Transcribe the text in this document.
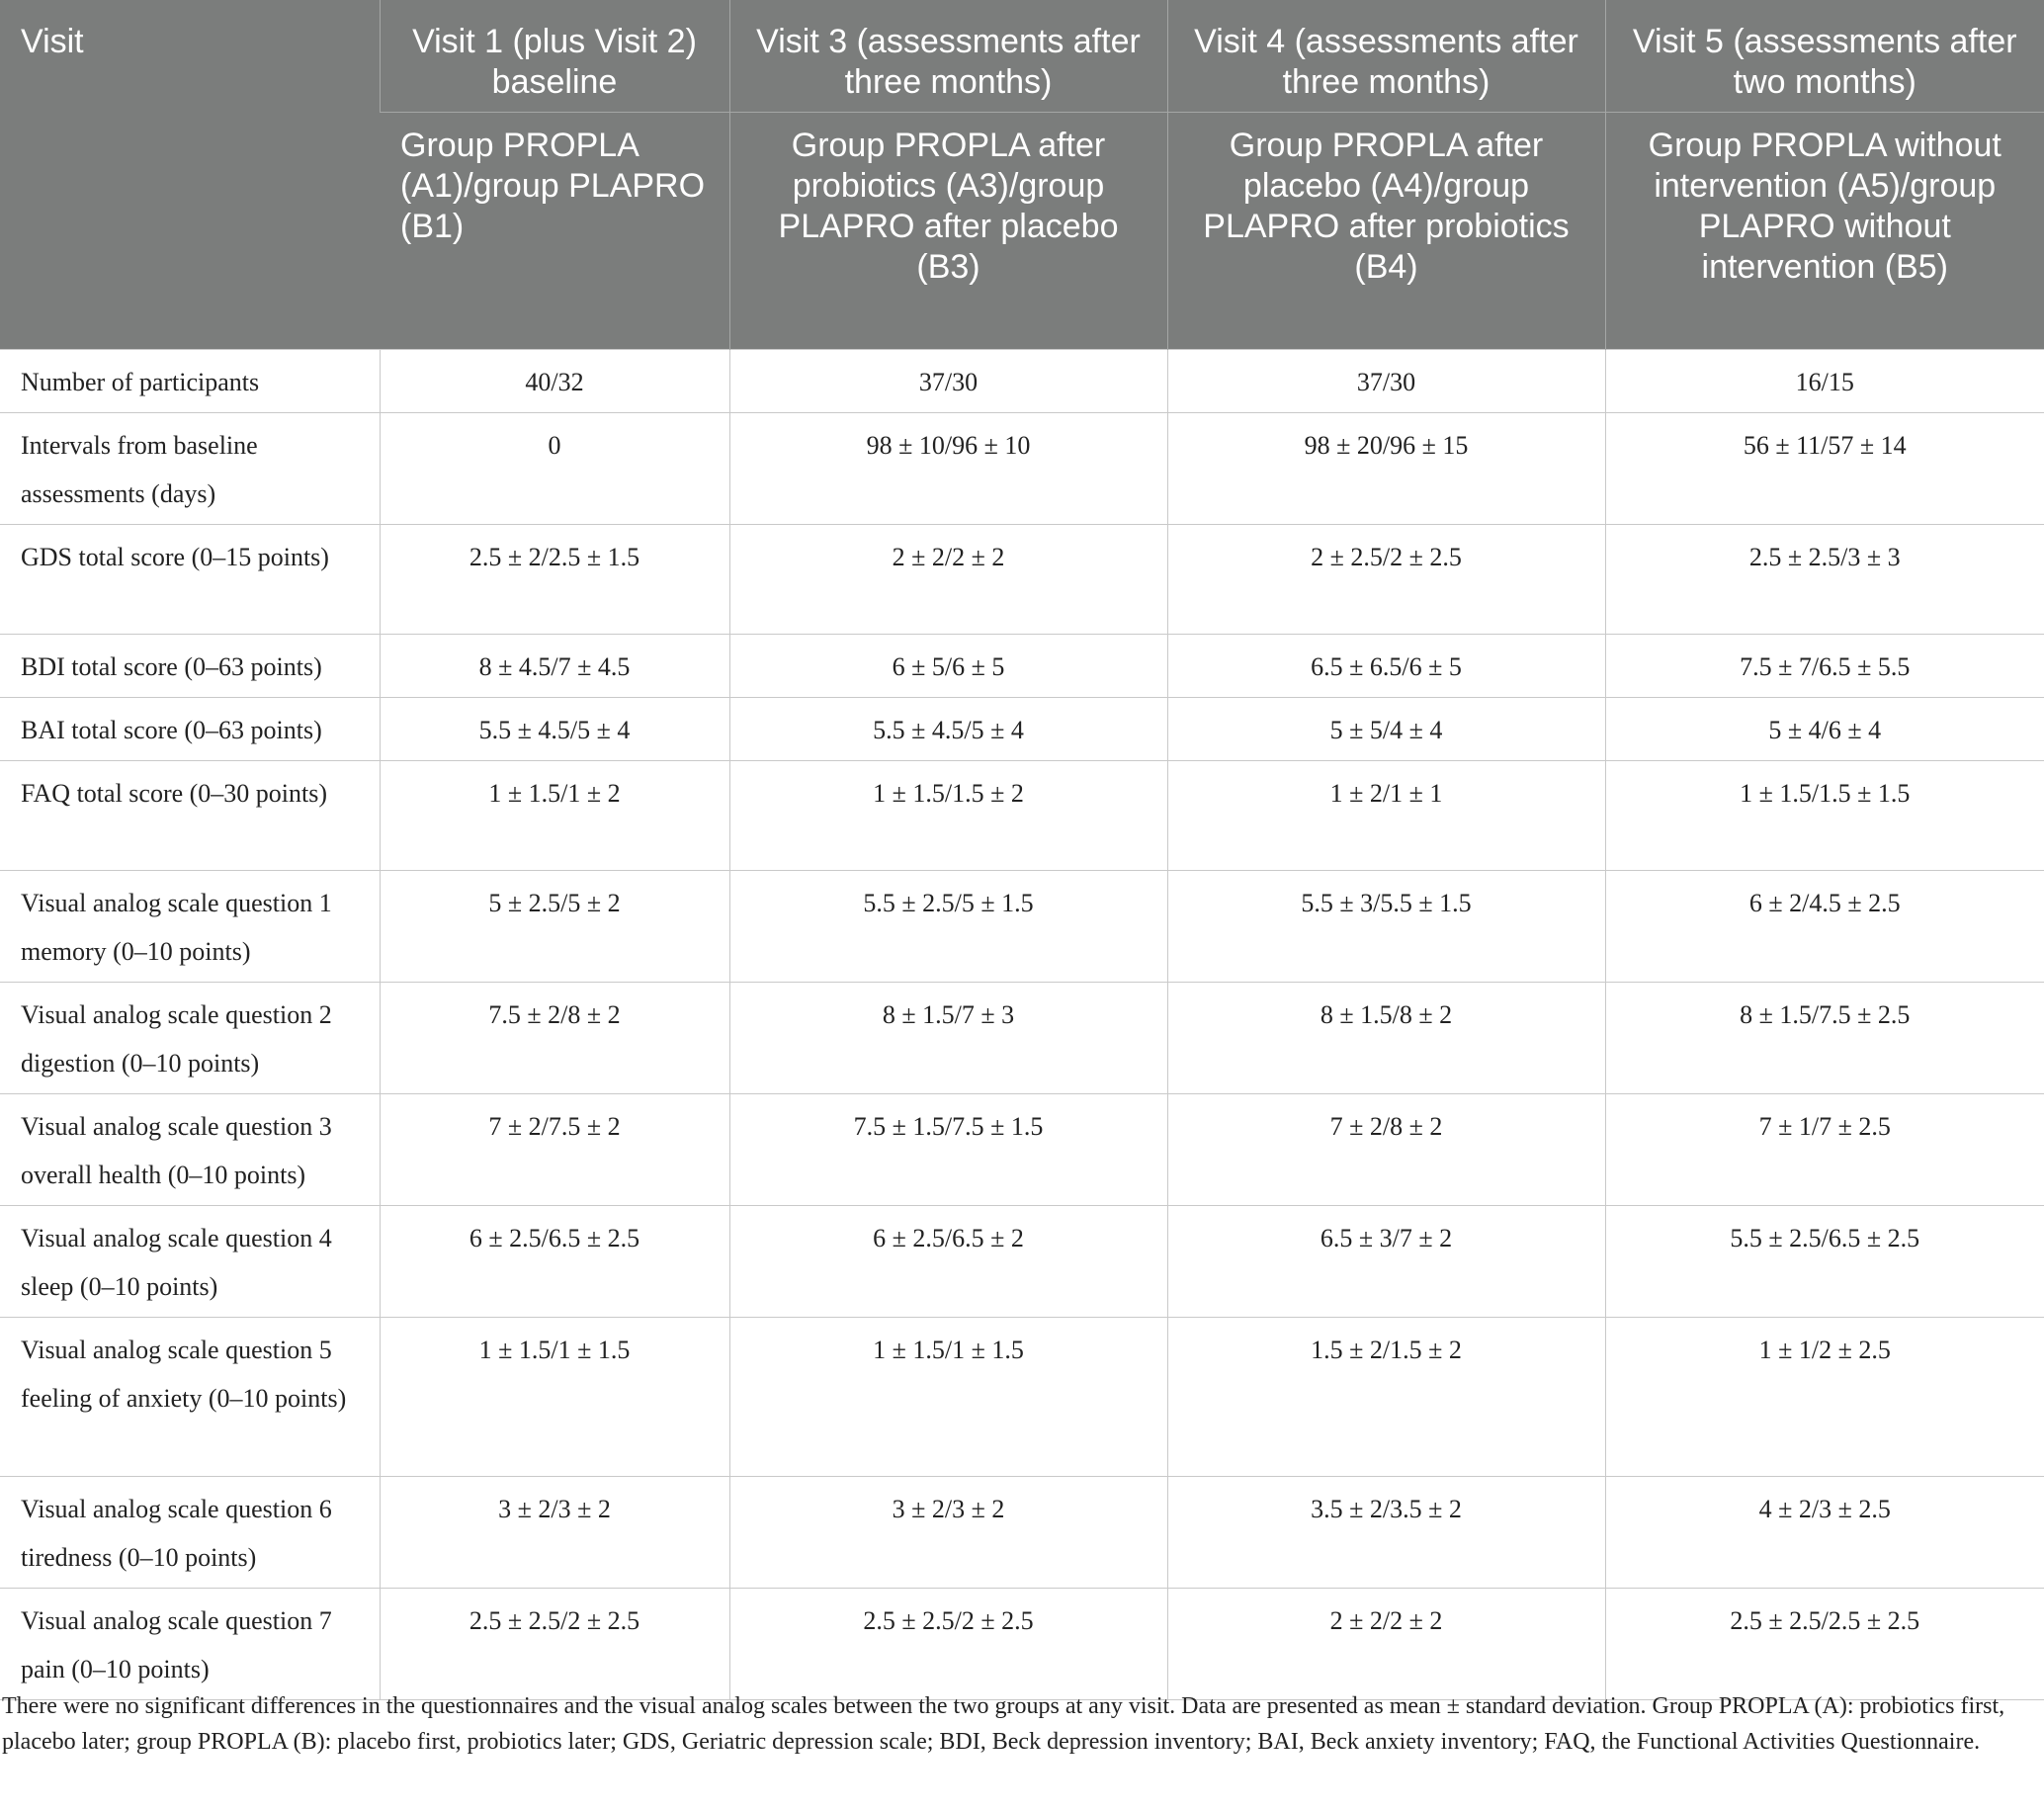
Visit	Visit 1 (plus Visit 2) baseline	Visit 3 (assessments after three months)	Visit 4 (assessments after three months)	Visit 5 (assessments after two months)
	Group PROPLA (A1)/group PLAPRO (B1)	Group PROPLA after probiotics (A3)/group PLAPRO after placebo (B3)	Group PROPLA after placebo (A4)/group PLAPRO after probiotics (B4)	Group PROPLA without intervention (A5)/group PLAPRO without intervention (B5)
Number of participants	40/32	37/30	37/30	16/15
Intervals from baseline assessments (days)	0	98 ± 10/96 ± 10	98 ± 20/96 ± 15	56 ± 11/57 ± 14
GDS total score (0–15 points)	2.5 ± 2/2.5 ± 1.5	2 ± 2/2 ± 2	2 ± 2.5/2 ± 2.5	2.5 ± 2.5/3 ± 3
BDI total score (0–63 points)	8 ± 4.5/7 ± 4.5	6 ± 5/6 ± 5	6.5 ± 6.5/6 ± 5	7.5 ± 7/6.5 ± 5.5
BAI total score (0–63 points)	5.5 ± 4.5/5 ± 4	5.5 ± 4.5/5 ± 4	5 ± 5/4 ± 4	5 ± 4/6 ± 4
FAQ total score (0–30 points)	1 ± 1.5/1 ± 2	1 ± 1.5/1.5 ± 2	1 ± 2/1 ± 1	1 ± 1.5/1.5 ± 1.5
Visual analog scale question 1 memory (0–10 points)	5 ± 2.5/5 ± 2	5.5 ± 2.5/5 ± 1.5	5.5 ± 3/5.5 ± 1.5	6 ± 2/4.5 ± 2.5
Visual analog scale question 2 digestion (0–10 points)	7.5 ± 2/8 ± 2	8 ± 1.5/7 ± 3	8 ± 1.5/8 ± 2	8 ± 1.5/7.5 ± 2.5
Visual analog scale question 3 overall health (0–10 points)	7 ± 2/7.5 ± 2	7.5 ± 1.5/7.5 ± 1.5	7 ± 2/8 ± 2	7 ± 1/7 ± 2.5
Visual analog scale question 4 sleep (0–10 points)	6 ± 2.5/6.5 ± 2.5	6 ± 2.5/6.5 ± 2	6.5 ± 3/7 ± 2	5.5 ± 2.5/6.5 ± 2.5
Visual analog scale question 5 feeling of anxiety (0–10 points)	1 ± 1.5/1 ± 1.5	1 ± 1.5/1 ± 1.5	1.5 ± 2/1.5 ± 2	1 ± 1/2 ± 2.5
Visual analog scale question 6 tiredness (0–10 points)	3 ± 2/3 ± 2	3 ± 2/3 ± 2	3.5 ± 2/3.5 ± 2	4 ± 2/3 ± 2.5
Visual analog scale question 7 pain (0–10 points)	2.5 ± 2.5/2 ± 2.5	2.5 ± 2.5/2 ± 2.5	2 ± 2/2 ± 2	2.5 ± 2.5/2.5 ± 2.5
There were no significant differences in the questionnaires and the visual analog scales between the two groups at any visit. Data are presented as mean ± standard deviation. Group PROPLA (A): probiotics first, placebo later; group PROPLA (B): placebo first, probiotics later; GDS, Geriatric depression scale; BDI, Beck depression inventory; BAI, Beck anxiety inventory; FAQ, the Functional Activities Questionnaire.
